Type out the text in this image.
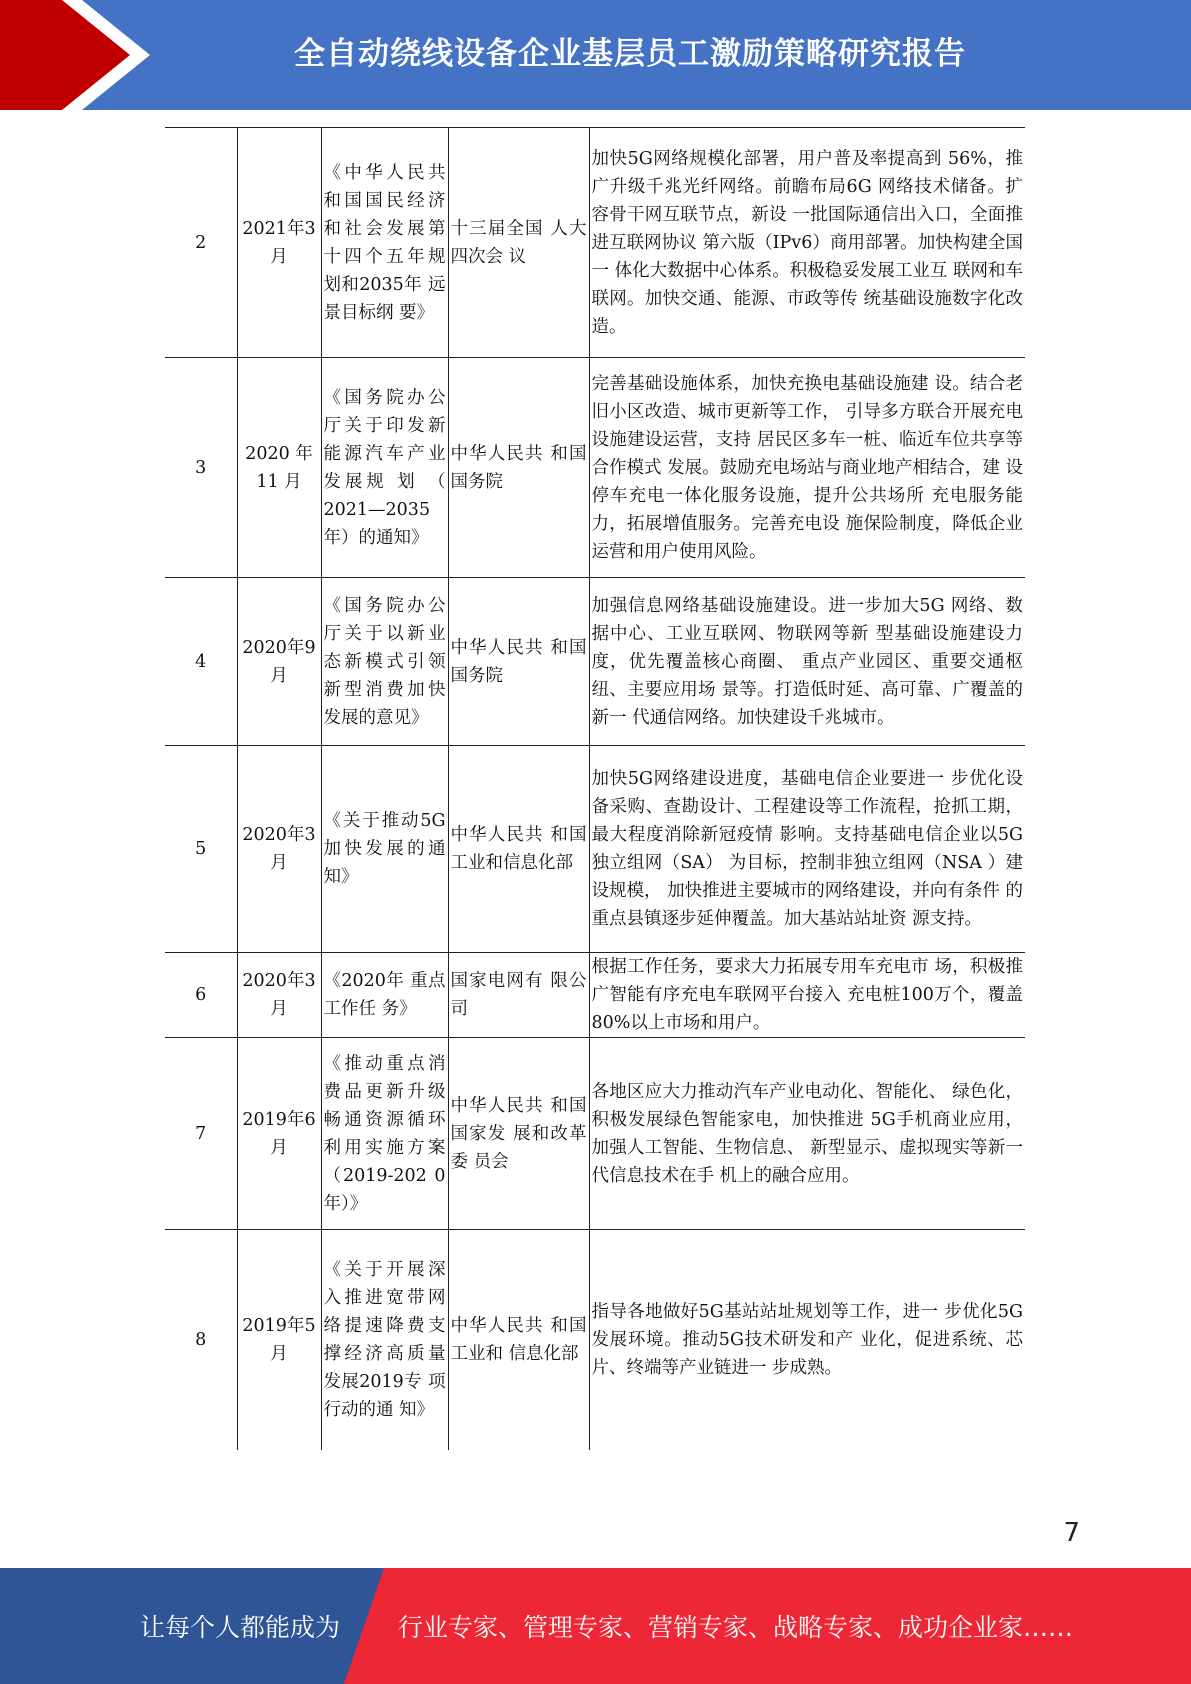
全自动绕线设备企业基层员工激励策略研究报告
2	2021年3月	《中华人民共和国国民经济和社会发展第十四个五年规划和2035年 远景目标纲 要》	十三届全国 人大四次会 议	加快5G网络规模化部署，用户普及率提高到 56%，推广升级千兆光纤网络。前瞻布局6G 网络技术储备。扩容骨干网互联节点，新设 一批国际通信出入口，全面推进互联网协议 第六版（IPv6）商用部署。加快构建全国一 体化大数据中心体系。积极稳妥发展工业互 联网和车联网。加快交通、能源、市政等传 统基础设施数字化改造。
3	2020 年 11 月	《国务院办公厅关于印发新能源汽车产业发展规 划 （ 2021—2035年）的通知》	中华人民共 和国国务院	完善基础设施体系，加快充换电基础设施建 设。结合老旧小区改造、城市更新等工作， 引导多方联合开展充电设施建设运营，支持 居民区多车一桩、临近车位共享等合作模式 发展。鼓励充电场站与商业地产相结合，建 设停车充电一体化服务设施，提升公共场所 充电服务能力，拓展增值服务。完善充电设 施保险制度，降低企业运营和用户使用风险。
4	2020年9月	《国务院办公厅关于以新业态新模式引领新型消费加快发展的意见》	中华人民共 和国国务院	加强信息网络基础设施建设。进一步加大5G 网络、数据中心、工业互联网、物联网等新 型基础设施建设力度，优先覆盖核心商圈、 重点产业园区、重要交通枢纽、主要应用场 景等。打造低时延、高可靠、广覆盖的新一 代通信网络。加快建设千兆城市。
5	2020年3月	《关于推动5G加快发展的通知》	中华人民共 和国工业和信息化部	加快5G网络建设进度，基础电信企业要进一 步优化设备采购、查勘设计、工程建设等工作流程，抢抓工期，最大程度消除新冠疫情 影响。支持基础电信企业以5G独立组网（SA） 为目标，控制非独立组网（NSA ）建设规模， 加快推进主要城市的网络建设，并向有条件 的重点县镇逐步延伸覆盖。加大基站站址资 源支持。
6	2020年3月	《2020年 重点工作任 务》	国家电网有 限公司	根据工作任务，要求大力拓展专用车充电市 场，积极推广智能有序充电车联网平台接入 充电桩100万个，覆盖80%以上市场和用户。
7	2019年6月	《推动重点消费品更新升级畅通资源循环利用实施方案（2019-202 0年）》	中华人民共 和国国家发 展和改革委 员会	各地区应大力推动汽车产业电动化、智能化、 绿色化，积极发展绿色智能家电，加快推进 5G手机商业应用，加强人工智能、生物信息、 新型显示、虚拟现实等新一代信息技术在手 机上的融合应用。
8	2019年5月	《关于开展深入推进宽带网络提速降费支撑经济高质量发展2019专 项行动的通 知》	中华人民共 和国工业和 信息化部	指导各地做好5G基站站址规划等工作，进一 步优化5G发展环境。推动5G技术研发和产 业化，促进系统、芯片、终端等产业链进一 步成熟。
7
让每个人都能成为 行业专家、管理专家、营销专家、战略专家、成功企业家……
